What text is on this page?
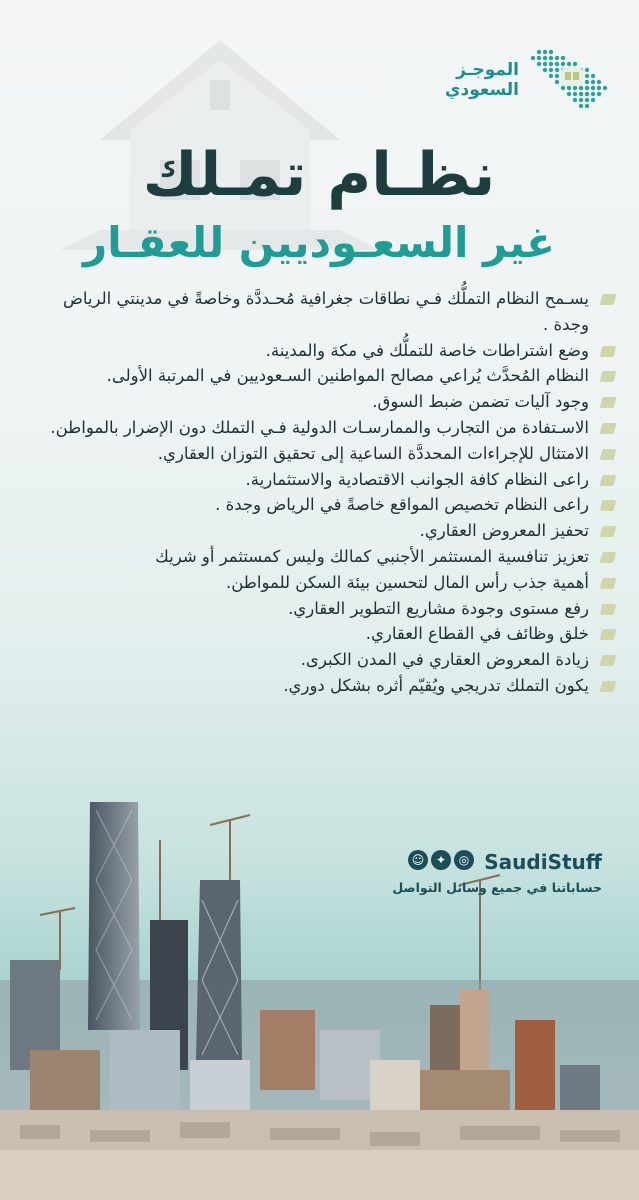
الموجـز
السعودي
نظـام تمـلك
غير السعـوديين للعقـار
يسـمح النظام التملُّك فـي نطاقات جغرافية مُحـددَّة وخاصةً في مدينتي الرياض وجدة .
وضع اشتراطات خاصة للتملُّك في مكة والمدينة.
النظام المُحدَّث يُراعي مصالح المواطنين السـعوديين في المرتبة الأولى.
وجود آليات تضمن ضبط السوق.
الاسـتفادة من التجارب والممارسـات الدولية فـي التملك دون الإضرار بالمواطن.
الامتثال للإجراءات المحددَّة الساعية إلى تحقيق التوزان العقاري.
راعى النظام كافة الجوانب الاقتصادية والاستثمارية.
راعى النظام تخصيص المواقع خاصةً في الرياض وجدة .
تحفيز المعروض العقاري.
تعزيز تنافسية المستثمر الأجنبي كمالك وليس كمستثمر أو شريك
أهمية جذب رأس المال لتحسين بيئة السكن للمواطن.
رفع مستوى وجودة مشاريع التطوير العقاري.
خلق وظائف في القطاع العقاري.
زيادة المعروض العقاري في المدن الكبرى.
يكون التملك تدريجي ويُقيّم أثره بشكل دوري.
☺ ✦	◎ SaudiStuff
حساباتنا في جميع وسائل التواصل
